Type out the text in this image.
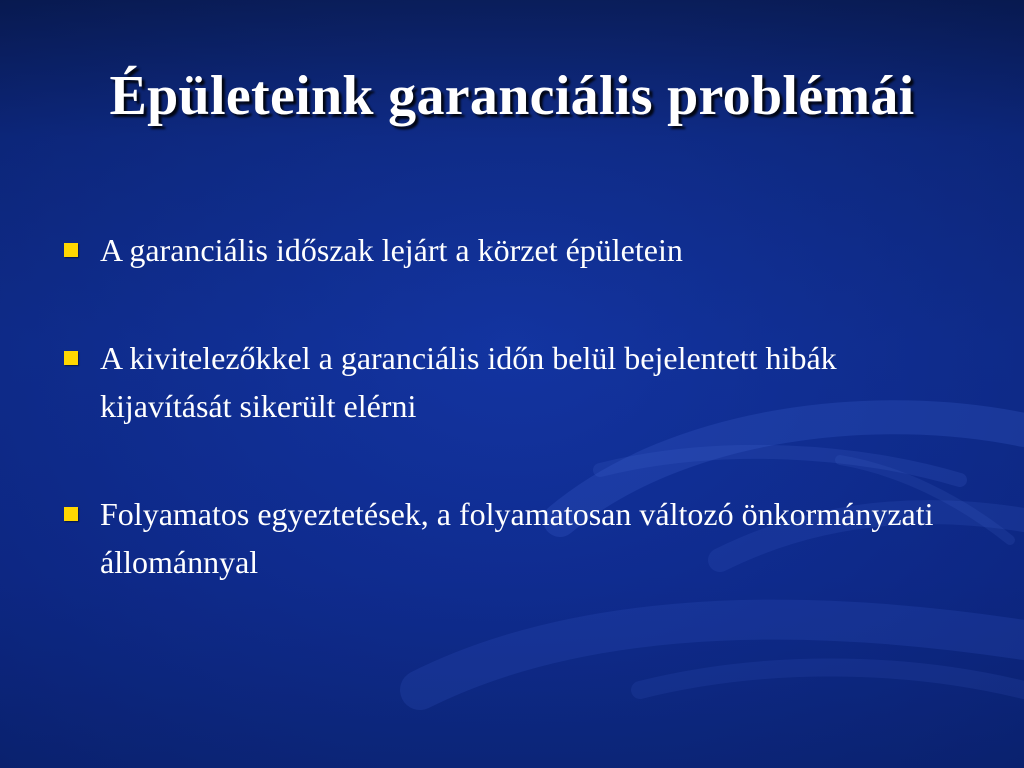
Épületeink garanciális problémái
A garanciális időszak lejárt a körzet épületein
A kivitelezőkkel a garanciális időn belül bejelentett hibák kijavítását sikerült elérni
Folyamatos egyeztetések, a folyamatosan változó önkormányzati állománnyal
